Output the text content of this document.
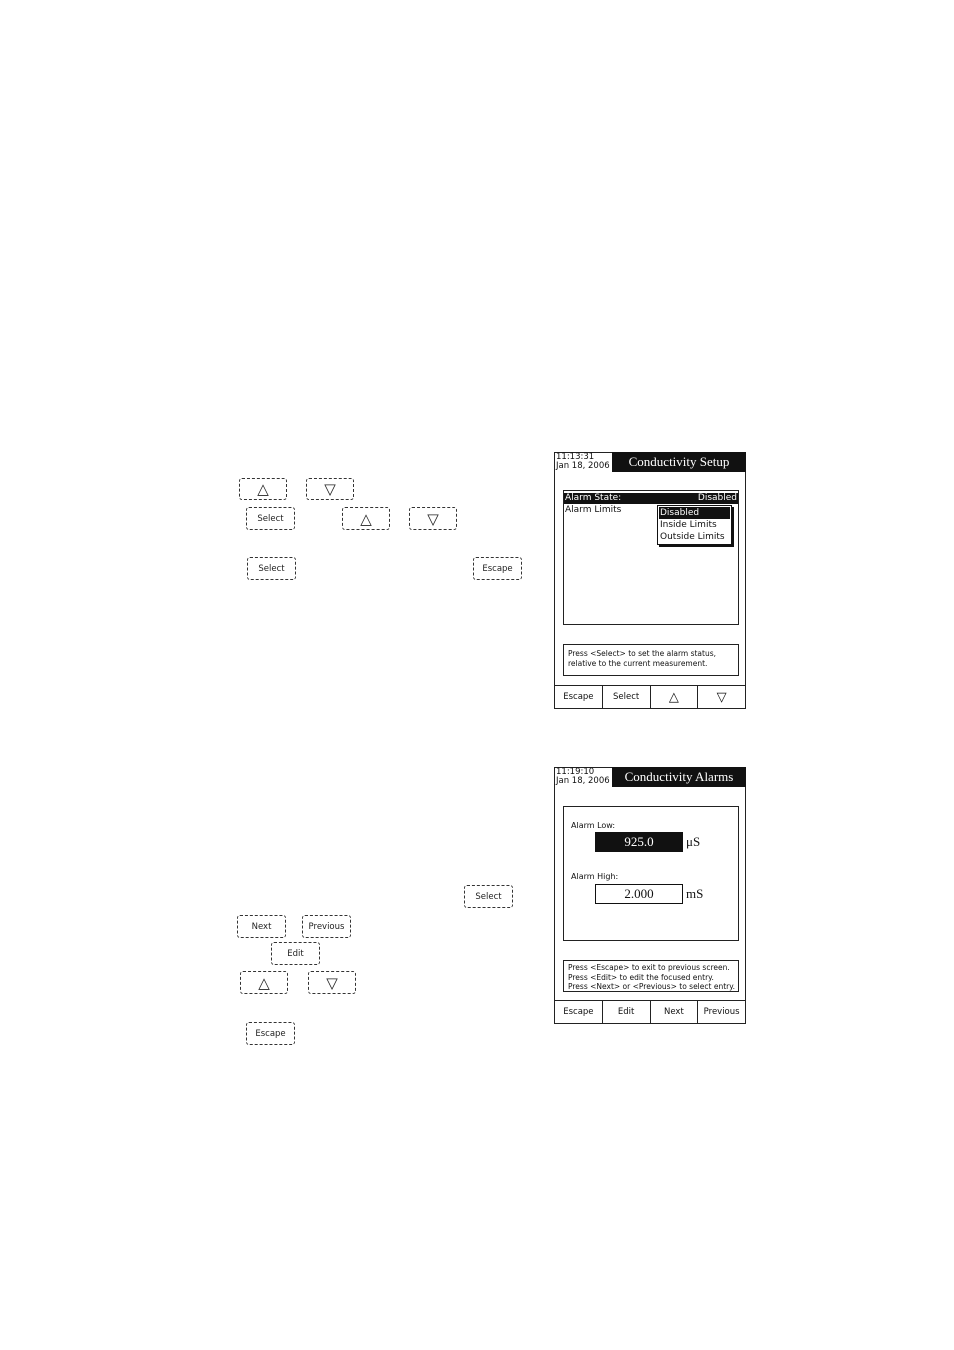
△	▽
Select	△	▽
Select	Escape
11:13:31
Jan 18, 2006	Conductivity Setup
Alarm State:	Disabled
Alarm Limits	Disabled
Inside Limits
Outside Limits
Press <Select> to set the alarm status,
relative to the current measurement.
Escape	Select	△	▽
Select
Next	Previous
Edit
△	▽
Escape
11:19:10
Jan 18, 2006	Conductivity Alarms
Alarm Low:
925.0	μS
Alarm High:
2.000	mS
Press <Escape> to exit to previous screen.
Press <Edit> to edit the focused entry.
Press <Next> or <Previous> to select entry.
Escape	Edit	Next	Previous
